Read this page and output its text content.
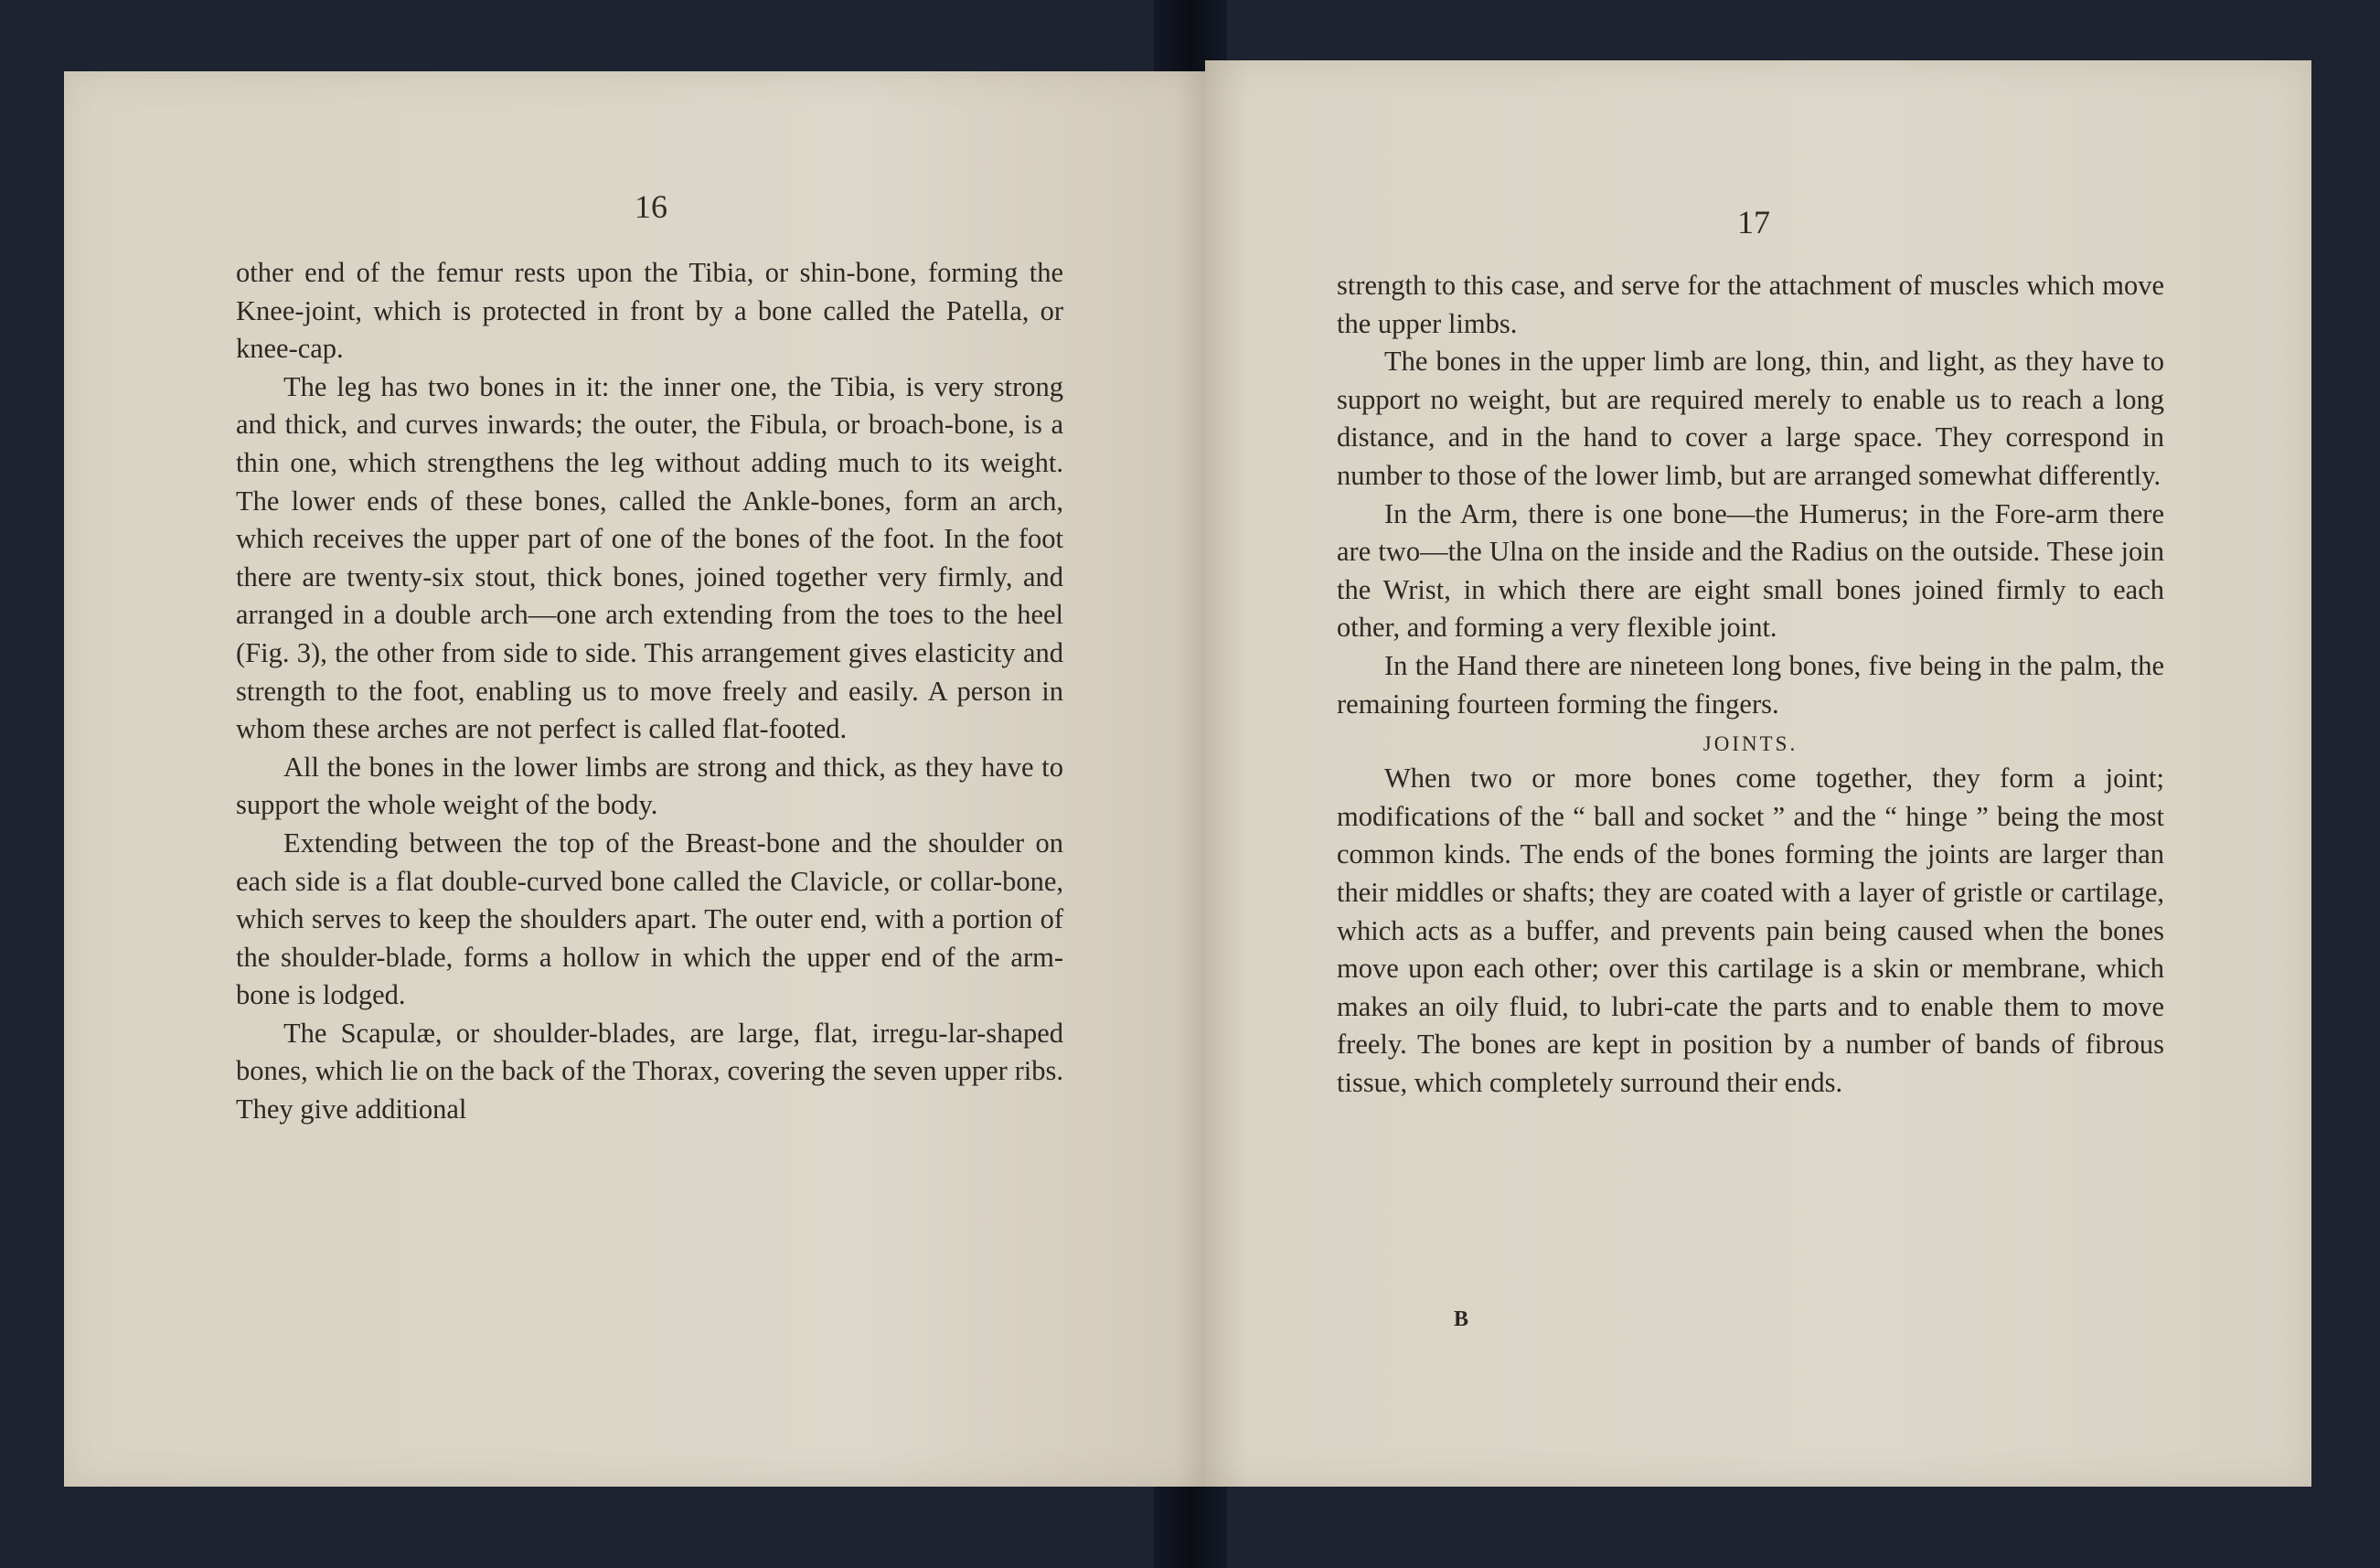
16	17

other end of the femur rests upon the Tibia, or shin-bone, forming the Knee-joint, which is protected in front by a bone called the Patella, or knee-cap.

The leg has two bones in it: the inner one, the Tibia, is very strong and thick, and curves inwards; the outer, the Fibula, or broach-bone, is a thin one, which strengthens the leg without adding much to its weight. The lower ends of these bones, called the Ankle-bones, form an arch, which receives the upper part of one of the bones of the foot. In the foot there are twenty-six stout, thick bones, joined together very firmly, and arranged in a double arch—one arch extending from the toes to the heel (Fig. 3), the other from side to side. This arrangement gives elasticity and strength to the foot, enabling us to move freely and easily. A person in whom these arches are not perfect is called flat-footed.

All the bones in the lower limbs are strong and thick, as they have to support the whole weight of the body.

Extending between the top of the Breast-bone and the shoulder on each side is a flat double-curved bone called the Clavicle, or collar-bone, which serves to keep the shoulders apart. The outer end, with a portion of the shoulder-blade, forms a hollow in which the upper end of the arm-bone is lodged.

The Scapulæ, or shoulder-blades, are large, flat, irregu-lar-shaped bones, which lie on the back of the Thorax, covering the seven upper ribs. They give additional

strength to this case, and serve for the attachment of muscles which move the upper limbs.

The bones in the upper limb are long, thin, and light, as they have to support no weight, but are required merely to enable us to reach a long distance, and in the hand to cover a large space. They correspond in number to those of the lower limb, but are arranged somewhat differently.

In the Arm, there is one bone—the Humerus; in the Fore-arm there are two—the Ulna on the inside and the Radius on the outside. These join the Wrist, in which there are eight small bones joined firmly to each other, and forming a very flexible joint.

In the Hand there are nineteen long bones, five being in the palm, the remaining fourteen forming the fingers.

JOINTS.

When two or more bones come together, they form a joint; modifications of the “ ball and socket ” and the “ hinge ” being the most common kinds. The ends of the bones forming the joints are larger than their middles or shafts; they are coated with a layer of gristle or cartilage, which acts as a buffer, and prevents pain being caused when the bones move upon each other; over this cartilage is a skin or membrane, which makes an oily fluid, to lubri-cate the parts and to enable them to move freely. The bones are kept in position by a number of bands of fibrous tissue, which completely surround their ends.

B
